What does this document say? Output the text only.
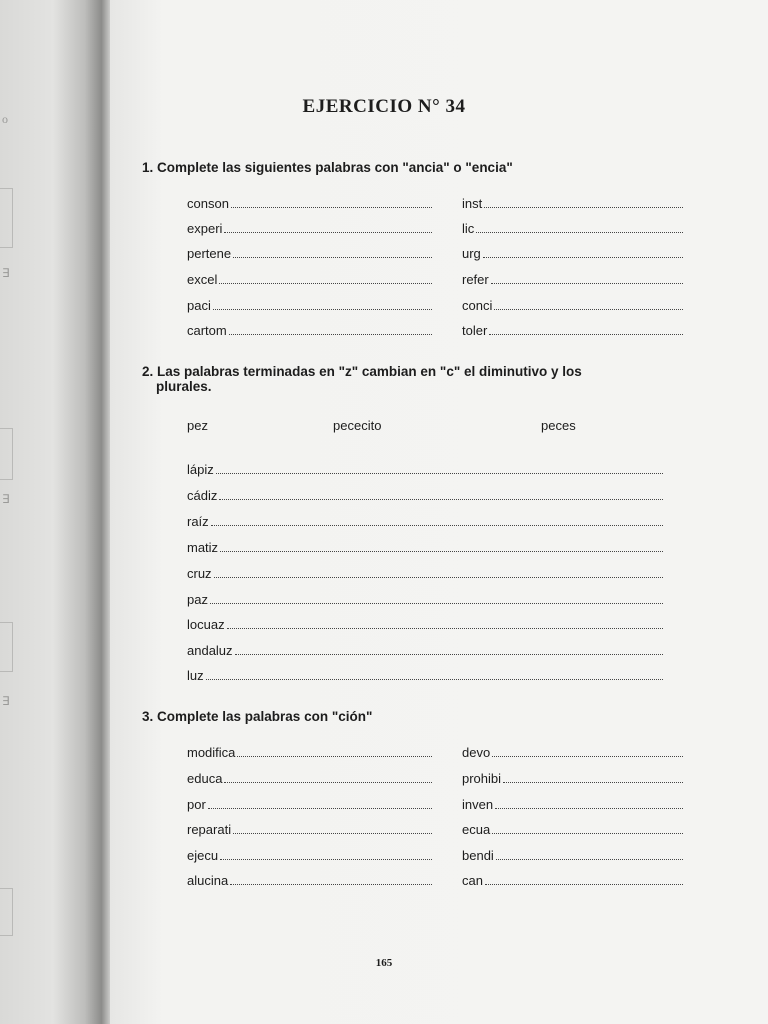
o
∃
∃
∃
EJERCICIO N° 34

1. Complete las siguientes palabras con "ancia" o "encia"

conson	inst
experi	lic
pertene	urg
excel	refer
paci	conci
cartom	toler

2. Las palabras terminadas en "z" cambian en "c" el diminutivo y los
plurales.

pez	pececito	peces
lápiz
cádiz
raíz
matiz
cruz
paz
locuaz
andaluz
luz

3. Complete las palabras con "ción"

modifica	devo
educa	prohibi
por	inven
reparati	ecua
ejecu	bendi
alucina	can
165
